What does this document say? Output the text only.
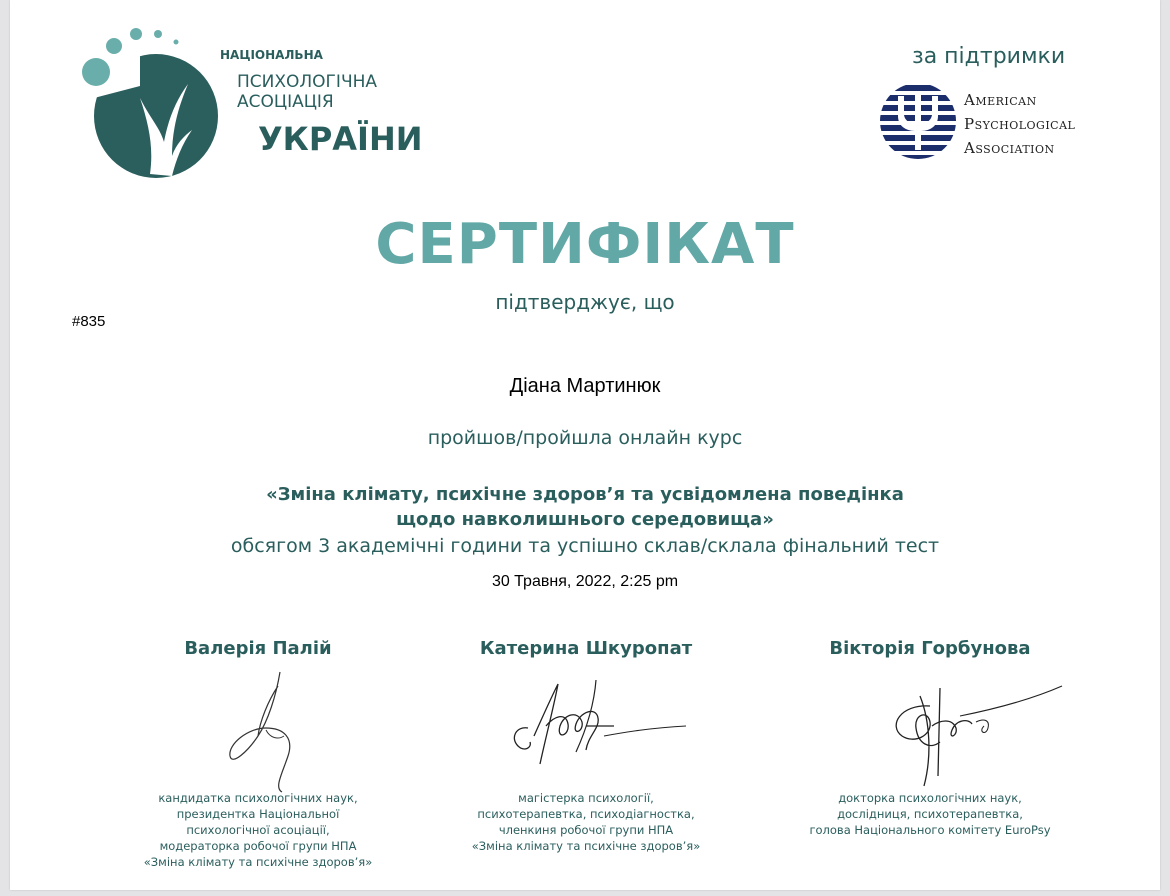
НАЦІОНАЛЬНА
ПСИХОЛОГІЧНА
АСОЦІАЦІЯ
УКРАЇНИ
за підтримки
American
Psychological
Association
СЕРТИФІКАТ
підтверджує, що
#835
Діана Мартинюк
пройшов/пройшла онлайн курс
«Зміна клімату, психічне здоров’я та усвідомлена поведінка
щодо навколишнього середовища»
обсягом 3 академічні години та успішно склав/склала фінальний тест
30 Травня, 2022, 2:25 pm
Валерія Палій
кандидатка психологічних наук,
президентка Національної
психологічної асоціації,
модераторка робочої групи НПА
«Зміна клімату та психічне здоров’я»
Катерина Шкуропат
магістерка психології,
психотерапевтка, психодіагностка,
членкиня робочої групи НПА
«Зміна клімату та психічне здоров’я»
Вікторія Горбунова
докторка психологічних наук,
дослідниця, психотерапевтка,
голова Національного комітету EuroPsy
